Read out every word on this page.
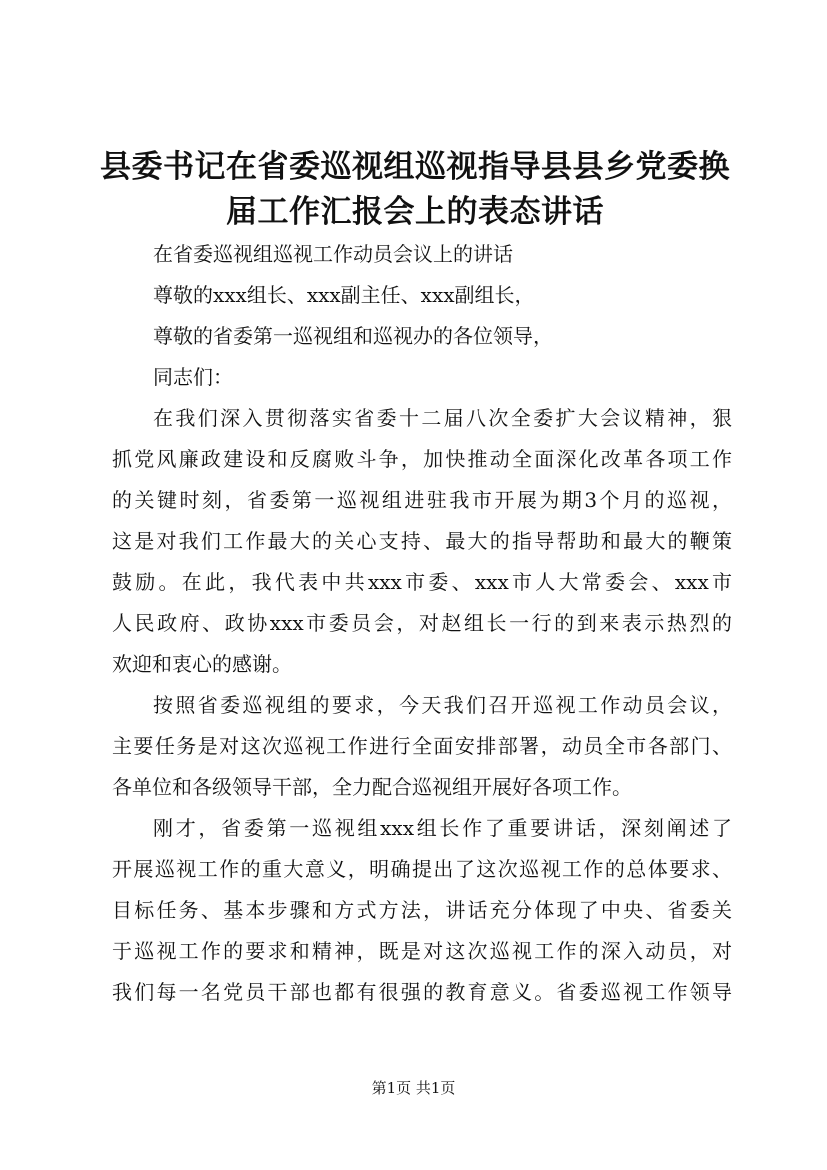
县委书记在省委巡视组巡视指导县县乡党委换
届工作汇报会上的表态讲话
在省委巡视组巡视工作动员会议上的讲话
尊敬的xxx组长、xxx副主任、xxx副组长，
尊敬的省委第一巡视组和巡视办的各位领导，
同志们：
在我们深入贯彻落实省委十二届八次全委扩大会议精神，狠
抓党风廉政建设和反腐败斗争，加快推动全面深化改革各项工作
的关键时刻，省委第一巡视组进驻我市开展为期3个月的巡视，
这是对我们工作最大的关心支持、最大的指导帮助和最大的鞭策
鼓励。在此，我代表中共xxx市委、xxx市人大常委会、xxx市
人民政府、政协xxx市委员会，对赵组长一行的到来表示热烈的
欢迎和衷心的感谢。
按照省委巡视组的要求，今天我们召开巡视工作动员会议，
主要任务是对这次巡视工作进行全面安排部署，动员全市各部门、
各单位和各级领导干部，全力配合巡视组开展好各项工作。
刚才，省委第一巡视组xxx组长作了重要讲话，深刻阐述了
开展巡视工作的重大意义，明确提出了这次巡视工作的总体要求、
目标任务、基本步骤和方式方法，讲话充分体现了中央、省委关
于巡视工作的要求和精神，既是对这次巡视工作的深入动员，对
我们每一名党员干部也都有很强的教育意义。省委巡视工作领导
第1页 共1页
